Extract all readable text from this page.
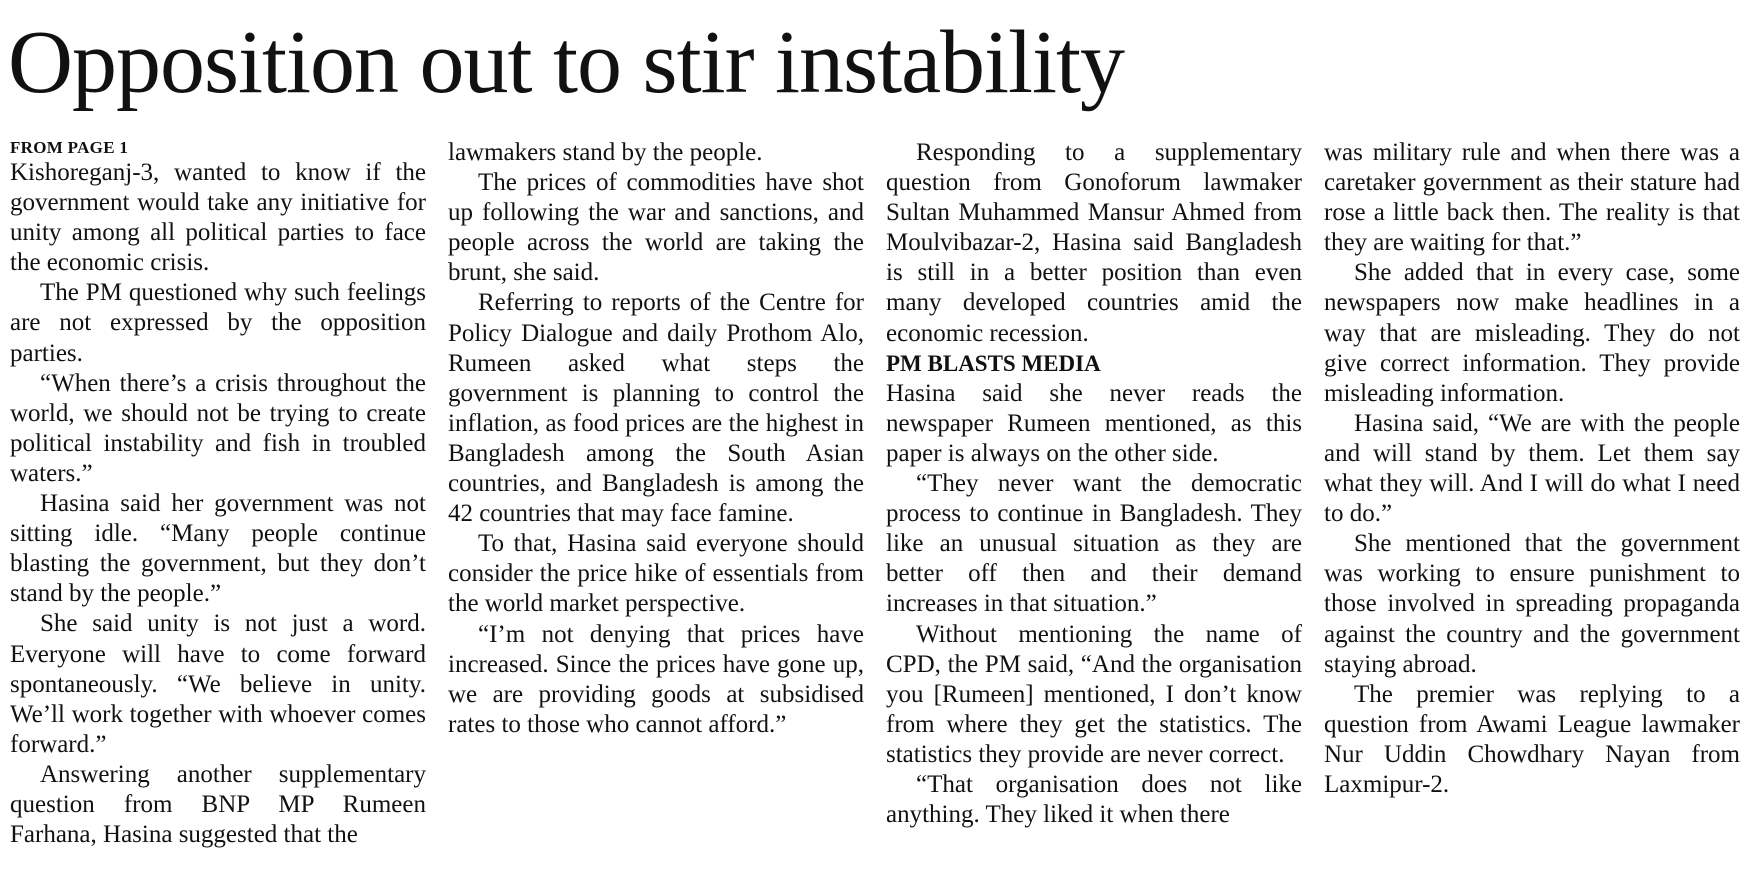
Opposition out to stir instability
FROM PAGE 1

Kishoreganj-3, wanted to know if the government would take any initiative for unity among all political parties to face the economic crisis.

The PM questioned why such feelings are not expressed by the opposition parties.

“When there’s a crisis throughout the world, we should not be trying to create political instability and fish in troubled waters.”

Hasina said her government was not sitting idle. “Many people continue blasting the government, but they don’t stand by the people.”

She said unity is not just a word. Everyone will have to come forward spontaneously. “We believe in unity. We’ll work together with whoever comes forward.”

Answering another supplementary question from BNP MP Rumeen Farhana, Hasina suggested that the

lawmakers stand by the people.

The prices of commodities have shot up following the war and sanctions, and people across the world are taking the brunt, she said.

Referring to reports of the Centre for Policy Dialogue and daily Prothom Alo, Rumeen asked what steps the government is planning to control the inflation, as food prices are the highest in Bangladesh among the South Asian countries, and Bangladesh is among the 42 countries that may face famine.

To that, Hasina said everyone should consider the price hike of essentials from the world market perspective.

“I’m not denying that prices have increased. Since the prices have gone up, we are providing goods at subsidised rates to those who cannot afford.”

Responding to a supplementary question from Gonoforum lawmaker Sultan Muhammed Mansur Ahmed from Moulvibazar-2, Hasina said Bangladesh is still in a better position than even many developed countries amid the economic recession.

PM BLASTS MEDIA

Hasina said she never reads the newspaper Rumeen mentioned, as this paper is always on the other side.

“They never want the democratic process to continue in Bangladesh. They like an unusual situation as they are better off then and their demand increases in that situation.”

Without mentioning the name of CPD, the PM said, “And the organisation you [Rumeen] mentioned, I don’t know from where they get the statistics. The statistics they provide are never correct.

“That organisation does not like anything. They liked it when there

was military rule and when there was a caretaker government as their stature had rose a little back then. The reality is that they are waiting for that.”

She added that in every case, some newspapers now make headlines in a way that are misleading. They do not give correct information. They provide misleading information.

Hasina said, “We are with the people and will stand by them. Let them say what they will. And I will do what I need to do.”

She mentioned that the government was working to ensure punishment to those involved in spreading propaganda against the country and the government staying abroad.

The premier was replying to a question from Awami League lawmaker Nur Uddin Chowdhary Nayan from Laxmipur-2.
